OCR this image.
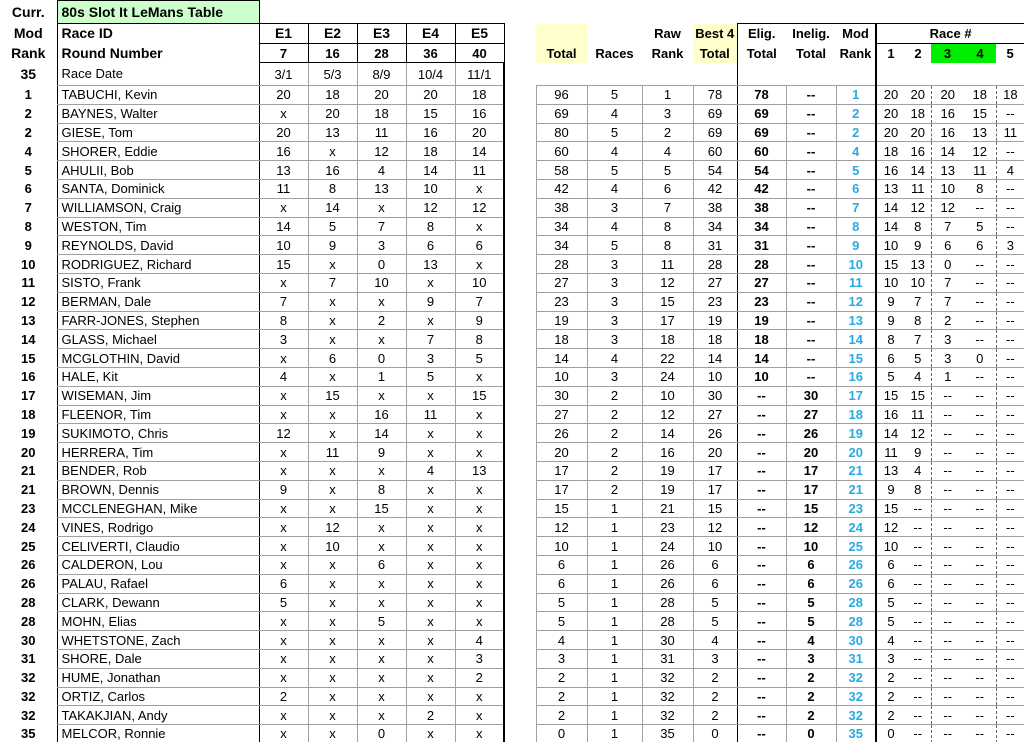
Curr.	80s Slot It LeMans Table																		
Mod	Race ID	E1	E2	E3	E4	E5				Raw	Best 4	Elig.	Inelig.	Mod	Race #				
Rank	Round Number	7	16	28	36	40		Total	Races	Rank	Total	Total	Total	Rank	1	2	3	4	5
35	Race Date	3/1	5/3	8/9	10/4	11/1													
1	TABUCHI, Kevin	20	18	20	20	18		96	5	1	78	78	--	1	20	20	20	18	18
2	BAYNES, Walter	x	20	18	15	16		69	4	3	69	69	--	2	20	18	16	15	--
2	GIESE, Tom	20	13	11	16	20		80	5	2	69	69	--	2	20	20	16	13	11
4	SHORER, Eddie	16	x	12	18	14		60	4	4	60	60	--	4	18	16	14	12	--
5	AHULII, Bob	13	16	4	14	11		58	5	5	54	54	--	5	16	14	13	11	4
6	SANTA, Dominick	11	8	13	10	x		42	4	6	42	42	--	6	13	11	10	8	--
7	WILLIAMSON, Craig	x	14	x	12	12		38	3	7	38	38	--	7	14	12	12	--	--
8	WESTON, Tim	14	5	7	8	x		34	4	8	34	34	--	8	14	8	7	5	--
9	REYNOLDS, David	10	9	3	6	6		34	5	8	31	31	--	9	10	9	6	6	3
10	RODRIGUEZ, Richard	15	x	0	13	x		28	3	11	28	28	--	10	15	13	0	--	--
11	SISTO, Frank	x	7	10	x	10		27	3	12	27	27	--	11	10	10	7	--	--
12	BERMAN, Dale	7	x	x	9	7		23	3	15	23	23	--	12	9	7	7	--	--
13	FARR-JONES, Stephen	8	x	2	x	9		19	3	17	19	19	--	13	9	8	2	--	--
14	GLASS, Michael	3	x	x	7	8		18	3	18	18	18	--	14	8	7	3	--	--
15	MCGLOTHIN, David	x	6	0	3	5		14	4	22	14	14	--	15	6	5	3	0	--
16	HALE, Kit	4	x	1	5	x		10	3	24	10	10	--	16	5	4	1	--	--
17	WISEMAN, Jim	x	15	x	x	15		30	2	10	30	--	30	17	15	15	--	--	--
18	FLEENOR, Tim	x	x	16	11	x		27	2	12	27	--	27	18	16	11	--	--	--
19	SUKIMOTO, Chris	12	x	14	x	x		26	2	14	26	--	26	19	14	12	--	--	--
20	HERRERA, Tim	x	11	9	x	x		20	2	16	20	--	20	20	11	9	--	--	--
21	BENDER, Rob	x	x	x	4	13		17	2	19	17	--	17	21	13	4	--	--	--
21	BROWN, Dennis	9	x	8	x	x		17	2	19	17	--	17	21	9	8	--	--	--
23	MCCLENEGHAN, Mike	x	x	15	x	x		15	1	21	15	--	15	23	15	--	--	--	--
24	VINES, Rodrigo	x	12	x	x	x		12	1	23	12	--	12	24	12	--	--	--	--
25	CELIVERTI, Claudio	x	10	x	x	x		10	1	24	10	--	10	25	10	--	--	--	--
26	CALDERON, Lou	x	x	6	x	x		6	1	26	6	--	6	26	6	--	--	--	--
26	PALAU, Rafael	6	x	x	x	x		6	1	26	6	--	6	26	6	--	--	--	--
28	CLARK, Dewann	5	x	x	x	x		5	1	28	5	--	5	28	5	--	--	--	--
28	MOHN, Elias	x	x	5	x	x		5	1	28	5	--	5	28	5	--	--	--	--
30	WHETSTONE, Zach	x	x	x	x	4		4	1	30	4	--	4	30	4	--	--	--	--
31	SHORE, Dale	x	x	x	x	3		3	1	31	3	--	3	31	3	--	--	--	--
32	HUME, Jonathan	x	x	x	x	2		2	1	32	2	--	2	32	2	--	--	--	--
32	ORTIZ, Carlos	2	x	x	x	x		2	1	32	2	--	2	32	2	--	--	--	--
32	TAKAKJIAN, Andy	x	x	x	2	x		2	1	32	2	--	2	32	2	--	--	--	--
35	MELCOR, Ronnie	x	x	0	x	x		0	1	35	0	--	0	35	0	--	--	--	--
